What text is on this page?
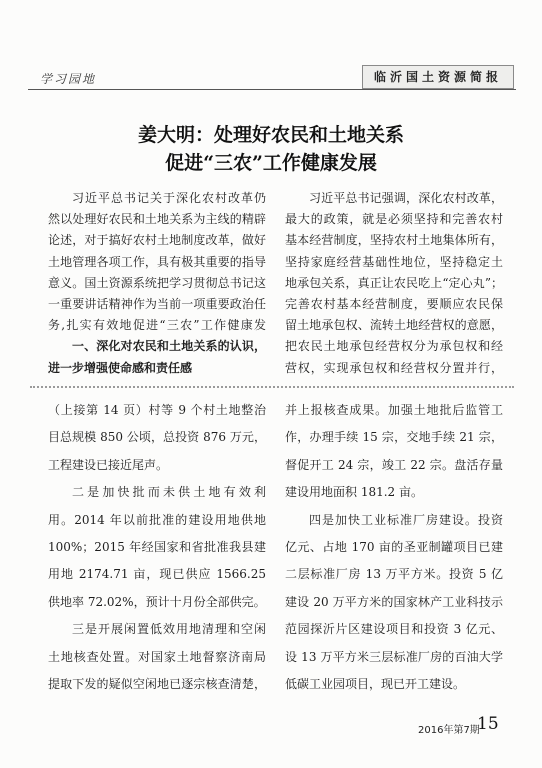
学习园地	临沂国土资源简报
姜大明：处理好农民和土地关系
促进“三农”工作健康发展
习近平总书记关于深化农村改革仍
然以处理好农民和土地关系为主线的精辟
论述，对于搞好农村土地制度改革，做好
土地管理各项工作，具有极其重要的指导
意义。国土资源系统把学习贯彻总书记这
一重要讲话精神作为当前一项重要政治任
务,扎实有效地促进“三农”工作健康发
一、深化对农民和土地关系的认识，
进一步增强使命感和责任感
习近平总书记强调，深化农村改革，
最大的政策，就是必须坚持和完善农村
基本经营制度，坚持农村土地集体所有，
坚持家庭经营基础性地位，坚持稳定土
地承包关系，真正让农民吃上“定心丸”；
完善农村基本经营制度，要顺应农民保
留土地承包权、流转土地经营权的意愿，
把农民土地承包经营权分为承包权和经
营权，实现承包权和经营权分置并行，
（上接第 14 页）村等 9 个村土地整治
目总规模 850 公顷，总投资 876 万元，
工程建设已接近尾声。
二是加快批而未供土地有效利
用。2014 年以前批准的建设用地供地
100%；2015 年经国家和省批准我县建
用地 2174.71 亩，现已供应 1566.25
供地率 72.02%，预计十月份全部供完。
三是开展闲置低效用地清理和空闲
土地核查处置。对国家土地督察济南局
提取下发的疑似空闲地已逐宗核查清楚，
并上报核查成果。加强土地批后监管工
作，办理手续 15 宗，交地手续 21 宗，
督促开工 24 宗，竣工 22 宗。盘活存量
建设用地面积 181.2 亩。
四是加快工业标准厂房建设。投资
亿元、占地 170 亩的圣亚制罐项目已建
二层标准厂房 13 万平方米。投资 5 亿
建设 20 万平方米的国家林产工业科技示
范园探沂片区建设项目和投资 3 亿元、
设 13 万平方米三层标准厂房的百油大学
低碳工业园项目，现已开工建设。
2016年第7期
15
